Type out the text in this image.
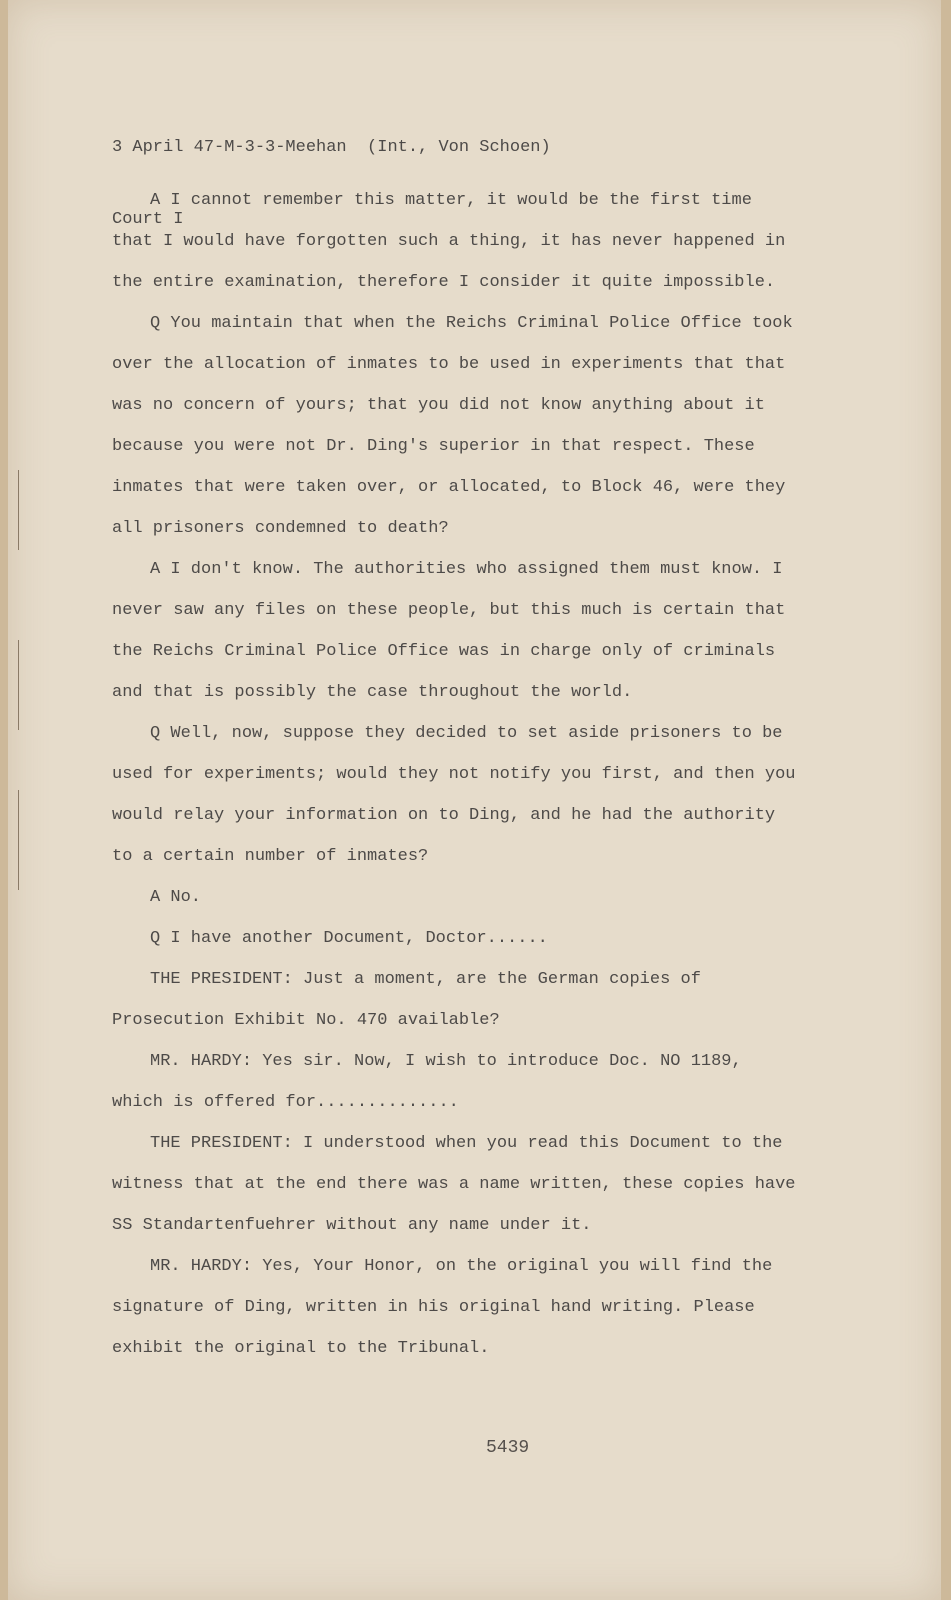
3 April 47-M-3-3-Meehan  (Int., Von Schoen)

Court I

A I cannot remember this matter, it would be the first time that I would have forgotten such a thing, it has never happened in the entire examination, therefore I consider it quite impossible.

Q You maintain that when the Reichs Criminal Police Office took over the allocation of inmates to be used in experiments that that was no concern of yours; that you did not know anything about it because you were not Dr. Ding's superior in that respect. These inmates that were taken over, or allocated, to Block 46, were they all prisoners condemned to death?

A I don't know. The authorities who assigned them must know. I never saw any files on these people, but this much is certain that the Reichs Criminal Police Office was in charge only of criminals and that is possibly the case throughout the world.

Q Well, now, suppose they decided to set aside prisoners to be used for experiments; would they not notify you first, and then you would relay your information on to Ding, and he had the authority to a certain number of inmates?

A No.

Q I have another Document, Doctor......

THE PRESIDENT: Just a moment, are the German copies of Prosecution Exhibit No. 470 available?

MR. HARDY: Yes sir. Now, I wish to introduce Doc. NO 1189, which is offered for..............

THE PRESIDENT: I understood when you read this Document to the witness that at the end there was a name written, these copies have SS Standartenfuehrer without any name under it.

MR. HARDY: Yes, Your Honor, on the original you will find the signature of Ding, written in his original hand writing. Please exhibit the original to the Tribunal.

5439
